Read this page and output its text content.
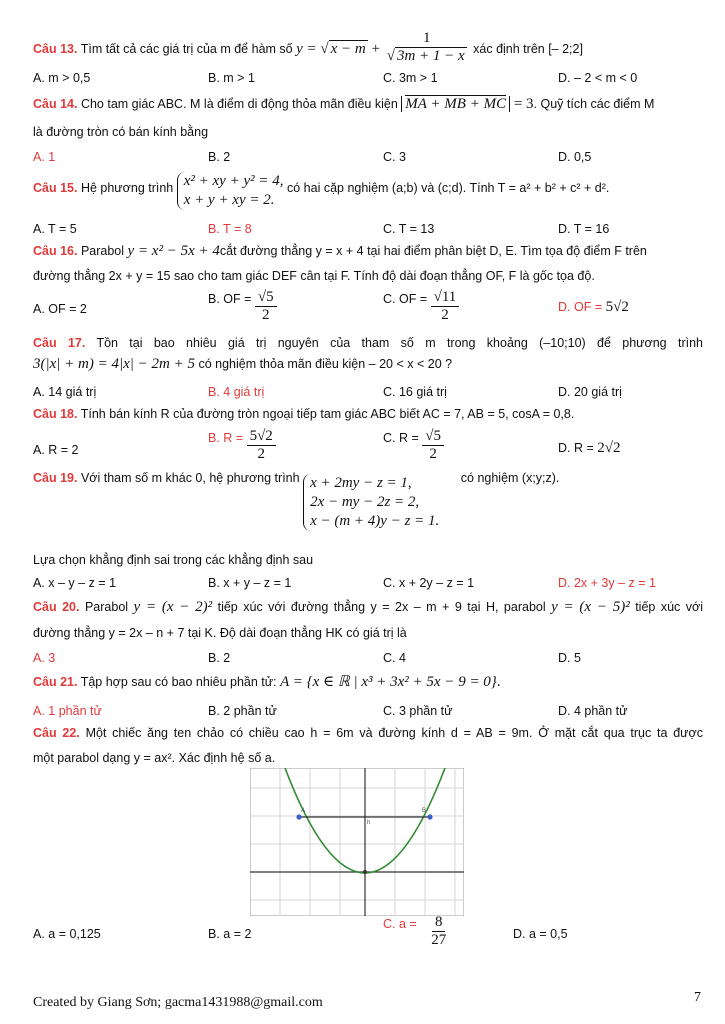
Câu 13. Tìm tất cả các giá trị của m để hàm số y = √ $x - m + \frac{1}{√ 3m + 1 - x}$ xác định trên [– 2;2]
A. m > 0,5	B. m > 1	C. 3m > 1	D. – 2 < m < 0
Câu 14. Cho tam giác ABC. M là điểm di động thỏa mãn điều kiện MA + MB + MC = 3. Quỹ tích các điểm M
là đường tròn có bán kính bằng
A. 1	B. 2	C. 3	D. 0,5
Câu 15. Hệ phương trình x² + xy + y² = 4,
x + y + xy = 2.
có hai cặp nghiệm (a;b) và (c;d). Tính T = a² + b² + c² + d².
A. T = 5	B. T = 8	C. T = 13	D. T = 16
Câu 16. Parabol y = x² − 5x + 4cắt đường thẳng y = x + 4 tại hai điểm phân biệt D, E. Tìm tọa độ điểm F trên
đường thẳng 2x + y = 15 sao cho tam giác DEF cân tại F. Tính độ dài đoạn thẳng OF, F là gốc tọa độ.
A. OF = 2
B. OF = $\frac{√5}{2}$	C. OF = $\frac{√11}{2}$	D. OF = 5√2
Câu 17. Tồn tại bao nhiêu giá trị nguyên của tham số m trong khoảng (–10;10) để phương trình
3(|x| + m) = 4|x| − 2m + 5 có nghiệm thỏa mãn điều kiện – 20 < x < 20 ?
A. 14 giá trị	B. 4 giá trị	C. 16 giá trị	D. 20 giá trị
Câu 18. Tính bán kính R của đường tròn ngoại tiếp tam giác ABC biết AC = 7, AB = 5, cosA = 0,8.
A. R = 2
B. $R = \frac{5√2}{2}$	C. $R = \frac{√5}{2}$	D. R = 2√2
Câu 19. Với tham số m khác 0, hệ phương trình x + 2my − z = 1,
2x − my − 2z = 2,
x − (m + 4)y − z = 1.
có nghiệm (x;y;z).
Lựa chọn khẳng định sai trong các khẳng định sau
A. x – y – z = 1	B. x + y – z = 1	C. x + 2y – z = 1	D. 2x + 3y – z = 1
Câu 20. Parabol y = (x − 2)² tiếp xúc với đường thẳng y = 2x – m + 9 tại H, parabol y = (x − 5)² tiếp xúc với
đường thẳng y = 2x – n + 7 tại K. Độ dài đoạn thẳng HK có giá trị là
A. 3	B. 2	C. 4	D. 5
Câu 21. Tập hợp sau có bao nhiêu phần tử: A = {x ∈ ℝ | x³ + 3x² + 5x − 9 = 0}.
A. 1 phần tử	B. 2 phần tử	C. 3 phần tử	D. 4 phần tử
Câu 22. Một chiếc ăng ten chảo có chiều cao h = 6m và đường kính d = AB = 9m. Ở mặt cắt qua trục ta được
một parabol dạng y = ax². Xác định hệ số a.
A	B
h
A. a = 0,125	B. a = 2
C. $a = \frac{8}{27}$	D. a = 0,5
Created by Giang Sơn; gacma1431988@gmail.com	7
